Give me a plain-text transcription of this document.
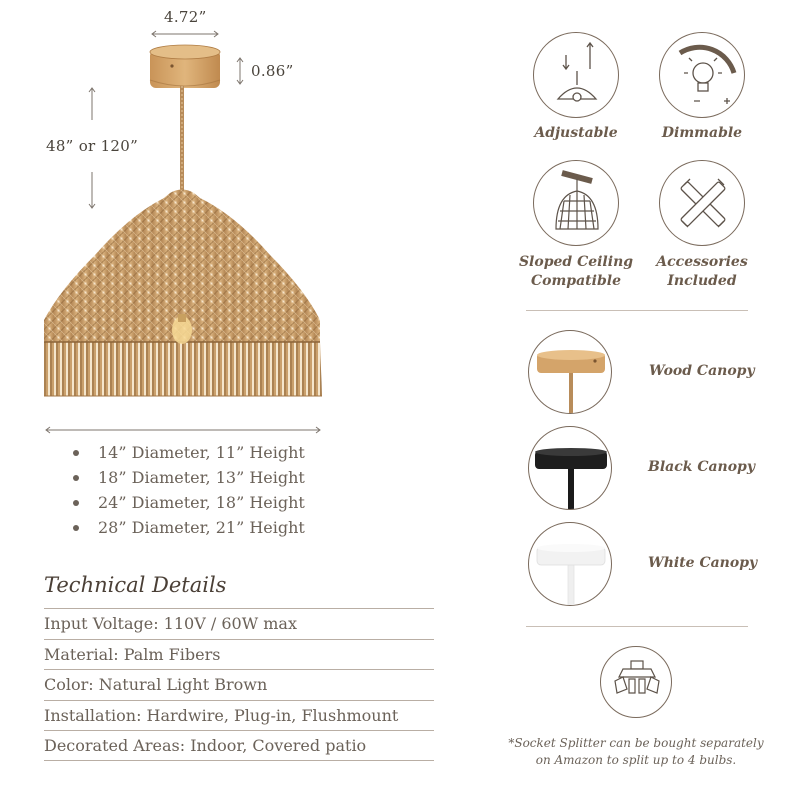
4.72”
0.86”
48” or 120”
14” Diameter, 11” Height
18” Diameter, 13” Height
24” Diameter, 18” Height
28” Diameter, 21” Height
Technical Details
Input Voltage: 110V / 60W max
Material: Palm Fibers
Color: Natural Light Brown
Installation: Hardwire, Plug-in, Flushmount
Decorated Areas: Indoor, Covered patio
Adjustable	Dimmable
Sloped Ceiling
Compatible
Accessories
Included
Wood Canopy
Black Canopy
White Canopy
*Socket Splitter can be bought separately
on Amazon to split up to 4 bulbs.
